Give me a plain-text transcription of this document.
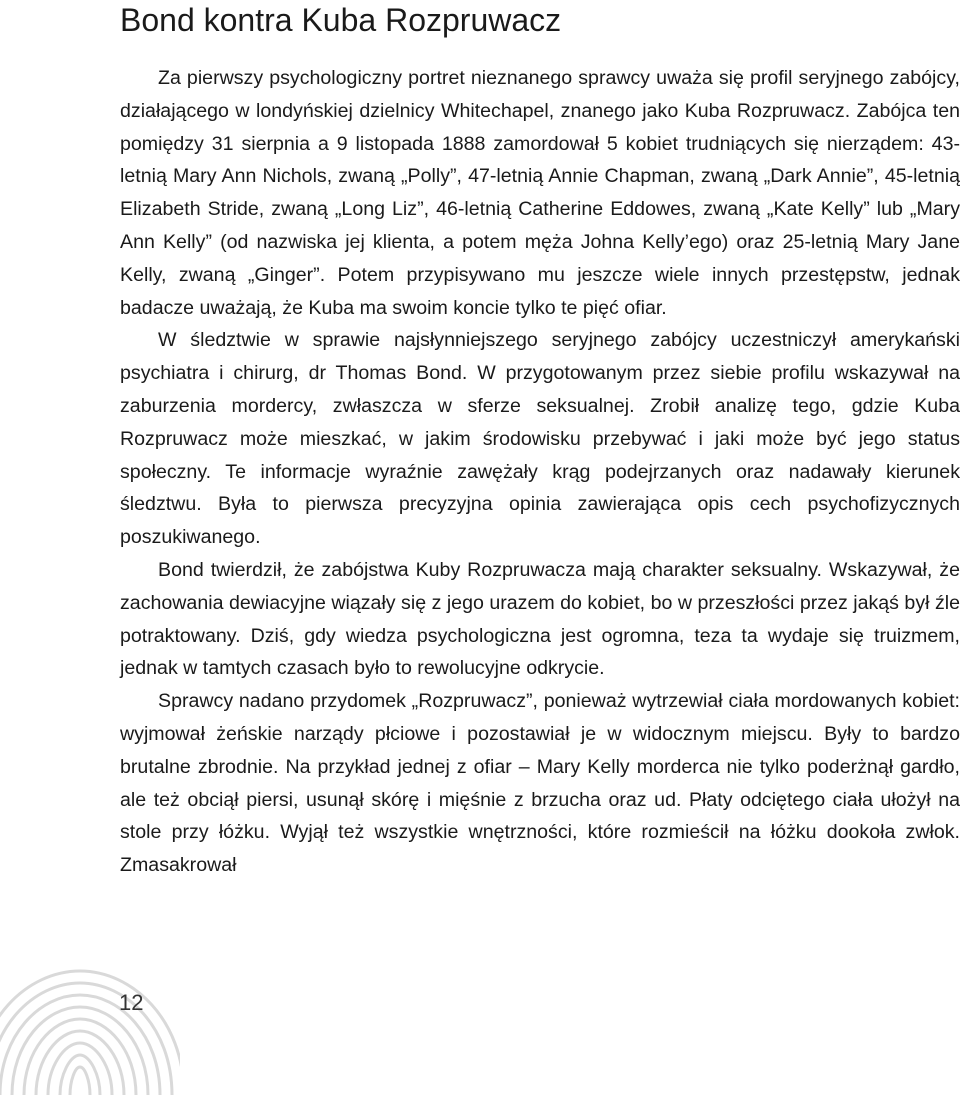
Bond kontra Kuba Rozpruwacz

Za pierwszy psychologiczny portret nieznanego sprawcy uważa się profil seryjnego zabójcy, działającego w londyńskiej dzielnicy Whitechapel, znanego jako Kuba Rozpruwacz. Zabójca ten pomiędzy 31 sierpnia a 9 listopada 1888 zamordował 5 kobiet trudniących się nierządem: 43-letnią Mary Ann Nichols, zwaną „Polly”, 47-letnią Annie Chapman, zwaną „Dark Annie”, 45-letnią Elizabeth Stride, zwaną „Long Liz”, 46-letnią Catherine Eddowes, zwaną „Kate Kelly” lub „Mary Ann Kelly” (od nazwiska jej klienta, a potem męża Johna Kelly’ego) oraz 25-letnią Mary Jane Kelly, zwaną „Ginger”. Potem przypisywano mu jeszcze wiele innych przestępstw, jednak badacze uważają, że Kuba ma swoim koncie tylko te pięć ofiar.

W śledztwie w sprawie najsłynniejszego seryjnego zabójcy uczestniczył amerykański psychiatra i chirurg, dr Thomas Bond. W przygotowanym przez siebie profilu wskazywał na zaburzenia mordercy, zwłaszcza w sferze seksualnej. Zrobił analizę tego, gdzie Kuba Rozpruwacz może mieszkać, w jakim środowisku przebywać i jaki może być jego status społeczny. Te informacje wyraźnie zawężały krąg podejrzanych oraz nadawały kierunek śledztwu. Była to pierwsza precyzyjna opinia zawierająca opis cech psychofizycznych poszukiwanego.

Bond twierdził, że zabójstwa Kuby Rozpruwacza mają charakter seksualny. Wskazywał, że zachowania dewiacyjne wiązały się z jego urazem do kobiet, bo w przeszłości przez jakąś był źle potraktowany. Dziś, gdy wiedza psychologiczna jest ogromna, teza ta wydaje się truizmem, jednak w tamtych czasach było to rewolucyjne odkrycie.

Sprawcy nadano przydomek „Rozpruwacz”, ponieważ wytrzewiał ciała mordowanych kobiet: wyjmował żeńskie narządy płciowe i pozostawiał je w widocznym miejscu. Były to bardzo brutalne zbrodnie. Na przykład jednej z ofiar – Mary Kelly morderca nie tylko poderżnął gardło, ale też obciął piersi, usunął skórę i mięśnie z brzucha oraz ud. Płaty odciętego ciała ułożył na stole przy łóżku. Wyjął też wszystkie wnętrzności, które rozmieścił na łóżku dookoła zwłok. Zmasakrował

12
